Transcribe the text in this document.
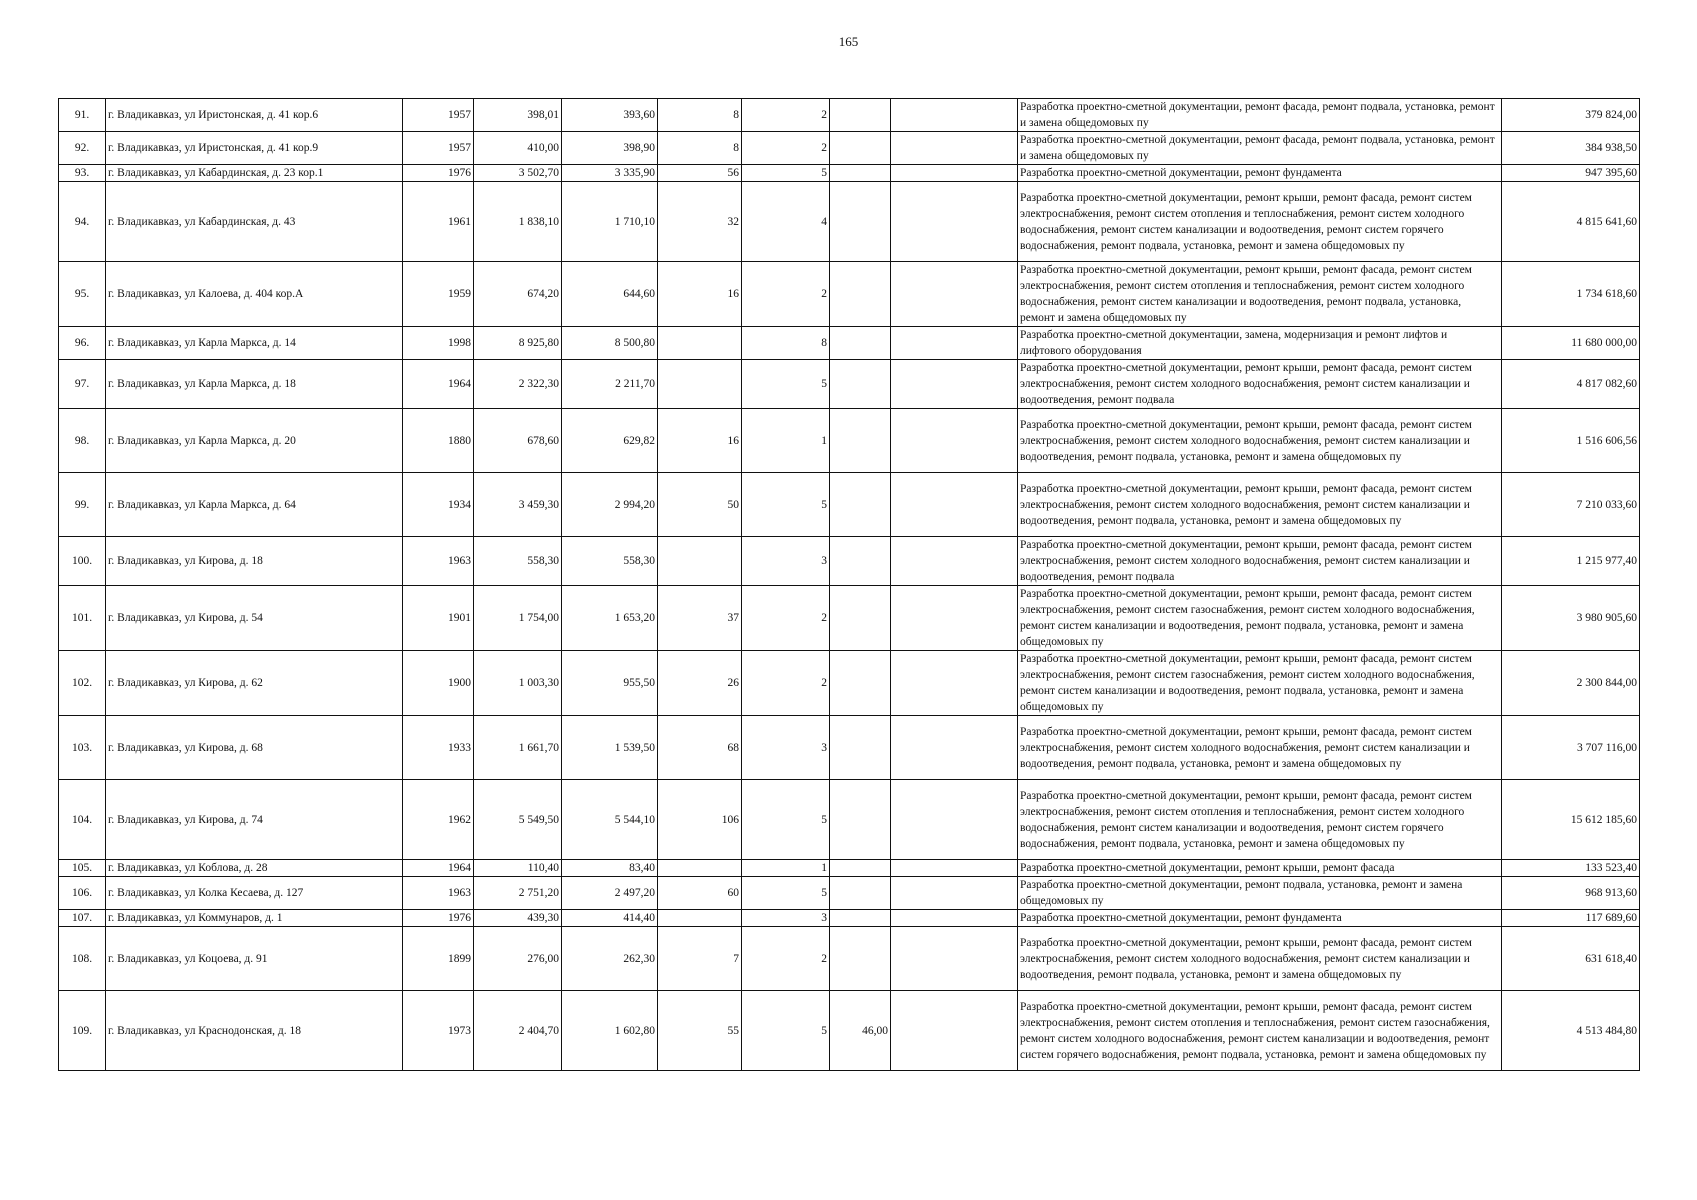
165
91.	г. Владикавказ, ул Иристонская, д. 41 кор.6	1957	398,01	393,60	8	2			Разработка проектно-сметной документации, ремонт фасада, ремонт подвала, установка, ремонт и замена общедомовых пу	379 824,00
92.	г. Владикавказ, ул Иристонская, д. 41 кор.9	1957	410,00	398,90	8	2			Разработка проектно-сметной документации, ремонт фасада, ремонт подвала, установка, ремонт и замена общедомовых пу	384 938,50
93.	г. Владикавказ, ул Кабардинская, д. 23 кор.1	1976	3 502,70	3 335,90	56	5			Разработка проектно-сметной документации, ремонт фундамента	947 395,60
94.	г. Владикавказ, ул Кабардинская, д. 43	1961	1 838,10	1 710,10	32	4			Разработка проектно-сметной документации, ремонт крыши, ремонт фасада, ремонт систем электроснабжения, ремонт систем отопления и теплоснабжения, ремонт систем холодного водоснабжения, ремонт систем канализации и водоотведения, ремонт систем горячего водоснабжения, ремонт подвала, установка, ремонт и замена общедомовых пу	4 815 641,60
95.	г. Владикавказ, ул Калоева, д. 404 кор.А	1959	674,20	644,60	16	2			Разработка проектно-сметной документации, ремонт крыши, ремонт фасада, ремонт систем электроснабжения, ремонт систем отопления и теплоснабжения, ремонт систем холодного водоснабжения, ремонт систем канализации и водоотведения, ремонт подвала, установка, ремонт и замена общедомовых пу	1 734 618,60
96.	г. Владикавказ, ул Карла Маркса, д. 14	1998	8 925,80	8 500,80		8			Разработка проектно-сметной документации, замена, модернизация и ремонт лифтов и лифтового оборудования	11 680 000,00
97.	г. Владикавказ, ул Карла Маркса, д. 18	1964	2 322,30	2 211,70		5			Разработка проектно-сметной документации, ремонт крыши, ремонт фасада, ремонт систем электроснабжения, ремонт систем холодного водоснабжения, ремонт систем канализации и водоотведения, ремонт подвала	4 817 082,60
98.	г. Владикавказ, ул Карла Маркса, д. 20	1880	678,60	629,82	16	1			Разработка проектно-сметной документации, ремонт крыши, ремонт фасада, ремонт систем электроснабжения, ремонт систем холодного водоснабжения, ремонт систем канализации и водоотведения, ремонт подвала, установка, ремонт и замена общедомовых пу	1 516 606,56
99.	г. Владикавказ, ул Карла Маркса, д. 64	1934	3 459,30	2 994,20	50	5			Разработка проектно-сметной документации, ремонт крыши, ремонт фасада, ремонт систем электроснабжения, ремонт систем холодного водоснабжения, ремонт систем канализации и водоотведения, ремонт подвала, установка, ремонт и замена общедомовых пу	7 210 033,60
100.	г. Владикавказ, ул Кирова, д. 18	1963	558,30	558,30		3			Разработка проектно-сметной документации, ремонт крыши, ремонт фасада, ремонт систем электроснабжения, ремонт систем холодного водоснабжения, ремонт систем канализации и водоотведения, ремонт подвала	1 215 977,40
101.	г. Владикавказ, ул Кирова, д. 54	1901	1 754,00	1 653,20	37	2			Разработка проектно-сметной документации, ремонт крыши, ремонт фасада, ремонт систем электроснабжения, ремонт систем газоснабжения, ремонт систем холодного водоснабжения, ремонт систем канализации и водоотведения, ремонт подвала, установка, ремонт и замена общедомовых пу	3 980 905,60
102.	г. Владикавказ, ул Кирова, д. 62	1900	1 003,30	955,50	26	2			Разработка проектно-сметной документации, ремонт крыши, ремонт фасада, ремонт систем электроснабжения, ремонт систем газоснабжения, ремонт систем холодного водоснабжения, ремонт систем канализации и водоотведения, ремонт подвала, установка, ремонт и замена общедомовых пу	2 300 844,00
103.	г. Владикавказ, ул Кирова, д. 68	1933	1 661,70	1 539,50	68	3			Разработка проектно-сметной документации, ремонт крыши, ремонт фасада, ремонт систем электроснабжения, ремонт систем холодного водоснабжения, ремонт систем канализации и водоотведения, ремонт подвала, установка, ремонт и замена общедомовых пу	3 707 116,00
104.	г. Владикавказ, ул Кирова, д. 74	1962	5 549,50	5 544,10	106	5			Разработка проектно-сметной документации, ремонт крыши, ремонт фасада, ремонт систем электроснабжения, ремонт систем отопления и теплоснабжения, ремонт систем холодного водоснабжения, ремонт систем канализации и водоотведения, ремонт систем горячего водоснабжения, ремонт подвала, установка, ремонт и замена общедомовых пу	15 612 185,60
105.	г. Владикавказ, ул Коблова, д. 28	1964	110,40	83,40		1			Разработка проектно-сметной документации, ремонт крыши, ремонт фасада	133 523,40
106.	г. Владикавказ, ул Колка Кесаева, д. 127	1963	2 751,20	2 497,20	60	5			Разработка проектно-сметной документации, ремонт подвала, установка, ремонт и замена общедомовых пу	968 913,60
107.	г. Владикавказ, ул Коммунаров, д. 1	1976	439,30	414,40		3			Разработка проектно-сметной документации, ремонт фундамента	117 689,60
108.	г. Владикавказ, ул Коцоева, д. 91	1899	276,00	262,30	7	2			Разработка проектно-сметной документации, ремонт крыши, ремонт фасада, ремонт систем электроснабжения, ремонт систем холодного водоснабжения, ремонт систем канализации и водоотведения, ремонт подвала, установка, ремонт и замена общедомовых пу	631 618,40
109.	г. Владикавказ, ул Краснодонская, д. 18	1973	2 404,70	1 602,80	55	5	46,00		Разработка проектно-сметной документации, ремонт крыши, ремонт фасада, ремонт систем электроснабжения, ремонт систем отопления и теплоснабжения, ремонт систем газоснабжения, ремонт систем холодного водоснабжения, ремонт систем канализации и водоотведения, ремонт систем горячего водоснабжения, ремонт подвала, установка, ремонт и замена общедомовых пу	4 513 484,80
